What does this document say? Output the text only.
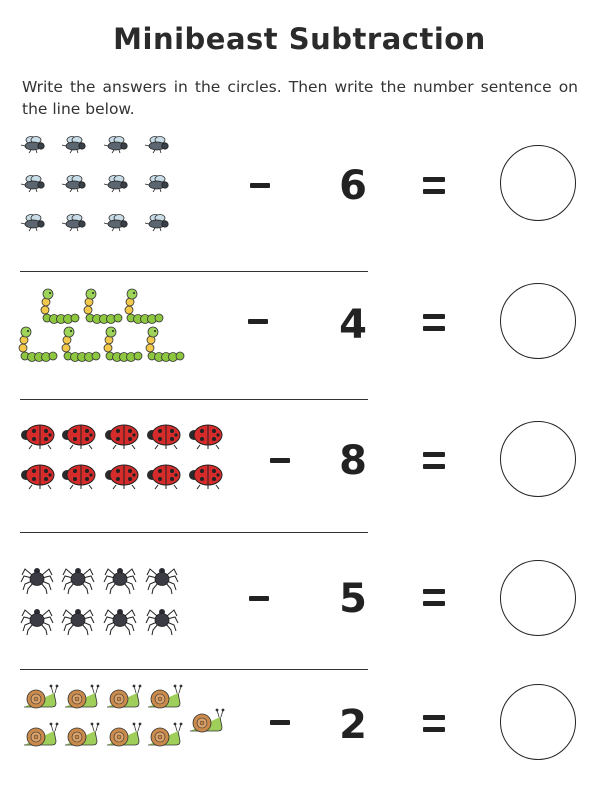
Minibeast Subtraction
Write the answers in the circles. Then write the number sentence on the line below.
6
4
8
5
2
